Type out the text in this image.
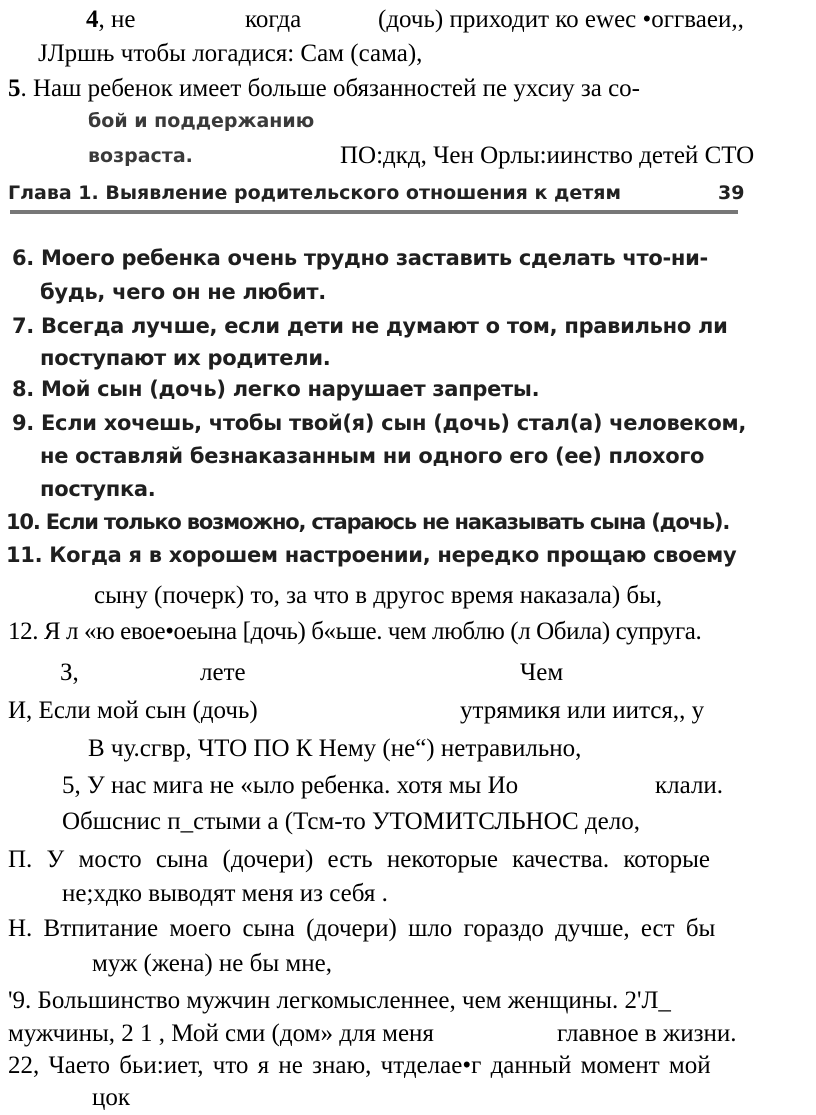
4, не	когда	(дочь) приходит ко ewec •оггваеи,,
JЛpшњ чтобы логадися: Сам (сама),
5. Наш ребенок имеет больше обязанностей пе ухсиу за со-
бой и поддержанию
возраста.	ПО:дкд, Чен Орлы:иинство детей СТО
Глава 1. Выявление родительского отношения к детям	39
6. Моего ребенка очень трудно заставить сделать что-ни-
будь, чего он не любит.
7. Всегда лучше, если дети не думают о том, правильно ли
поступают их родители.
8. Мой сын (дочь) легко нарушает запреты.
9. Если хочешь, чтобы твой(я) сын (дочь) стал(а) человеком,
не оставляй безнаказанным ни одного его (ее) плохого
поступка.
10. Если только возможно, стараюсь не наказывать сына (дочь).
11. Когда я в хорошем настроении, нередко прощаю своему
сыну (почерк) то, за что в другос время наказала) бы,
12. Я л «ю евое•оеына [дочь) б«ьше. чем люблю (л Обила) супруга.
З,	лете	Чем
И, Если мой сын (дочь)	утрямикя или иится,, у
В чу.сгвр, ЧТО ПО К Нему (не“) нетравильно,
5, У нас мига не «ыло ребенка. хотя мы Ио	клали.
Обшснис п_стыми а (Тсм-то УТОМИТСЛЬНОС дело,
П. У мосто сына (дочери) есть некоторые качества. которые
не;хдко выводят меня из себя .
Н. Втпитание моего сына (дочери) шло гораздо дучше, ест бы
муж (жена) не бы мне,
'9. Большинство мужчин легкомысленнее, чем женщины. 2'Л_
мужчины, 2 1 , Мой сми (дом» для меня	главное в жизни.
22, Чаето бьи:иет, что я не знаю, чтделае•г данный момент мой
цок
